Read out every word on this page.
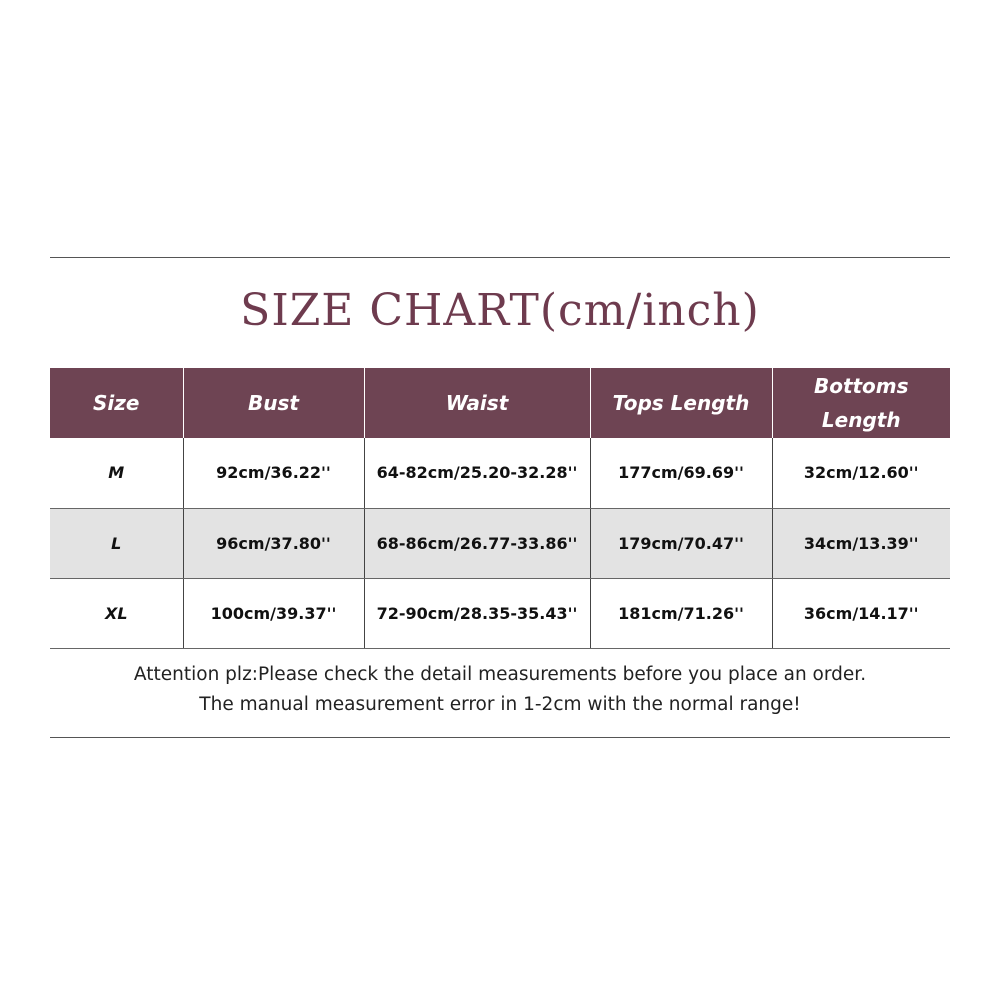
SIZE CHART(cm/inch)
Size	Bust	Waist	Tops Length	Bottoms
Length
M	92cm/36.22''	64-82cm/25.20-32.28''	177cm/69.69''	32cm/12.60''
L	96cm/37.80''	68-86cm/26.77-33.86''	179cm/70.47''	34cm/13.39''
XL	100cm/39.37''	72-90cm/28.35-35.43''	181cm/71.26''	36cm/14.17''
Attention plz:Please check the detail measurements before you place an order.
The manual measurement error in 1-2cm with the normal range!
